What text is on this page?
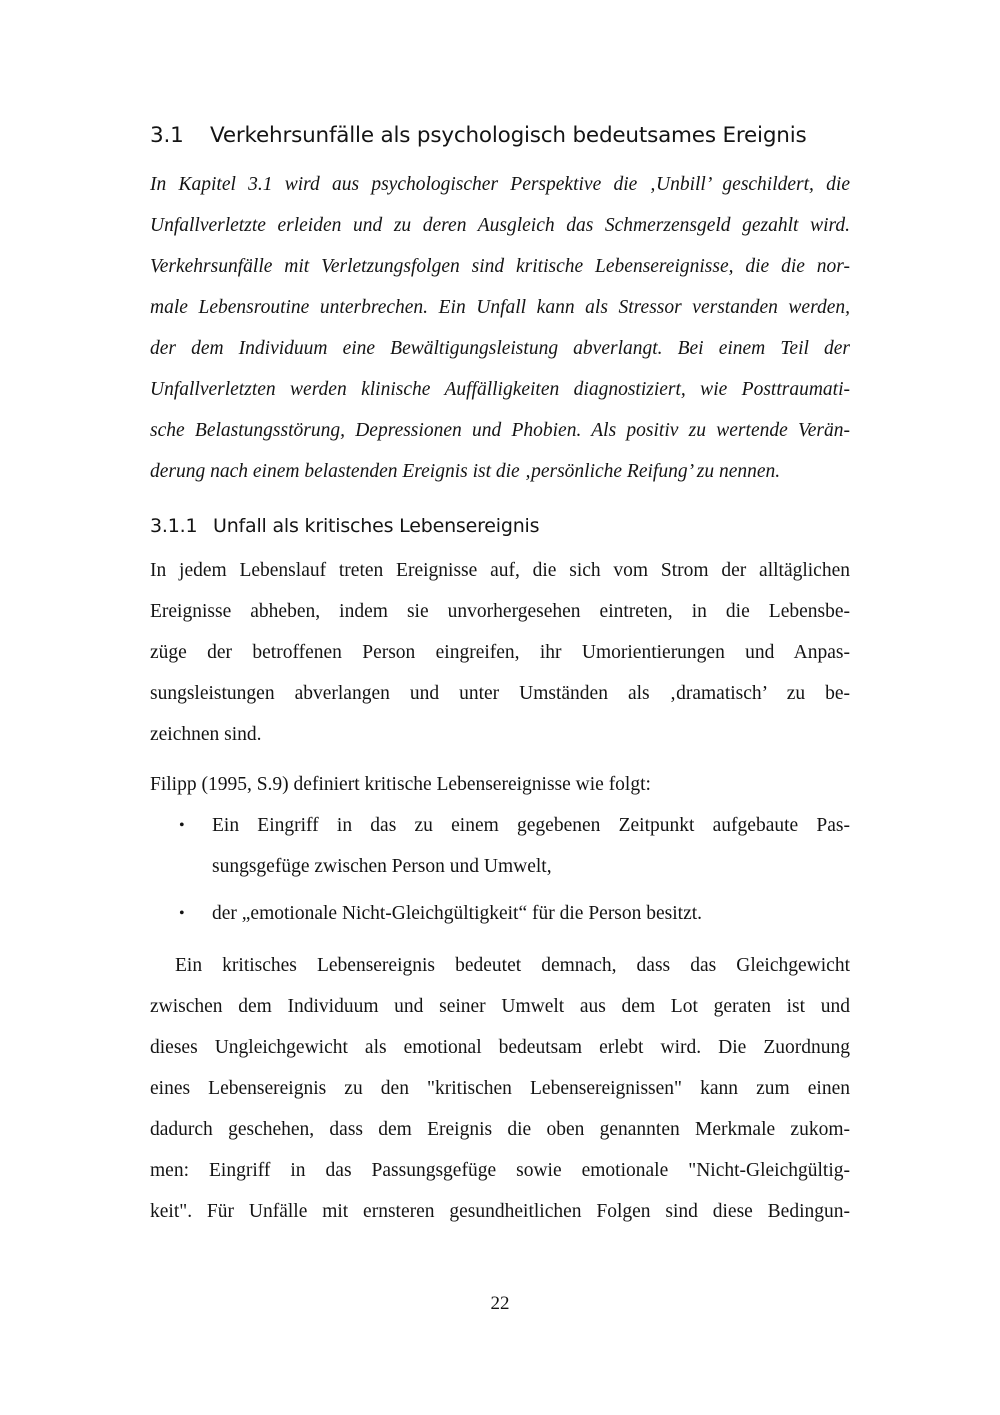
3.1 Verkehrsunfälle als psychologisch bedeutsames Ereignis
In Kapitel 3.1 wird aus psychologischer Perspektive die ‚Unbill’ geschildert, die
Unfallverletzte erleiden und zu deren Ausgleich das Schmerzensgeld gezahlt wird.
Verkehrsunfälle mit Verletzungsfolgen sind kritische Lebensereignisse, die die nor-
male Lebensroutine unterbrechen. Ein Unfall kann als Stressor verstanden werden,
der dem Individuum eine Bewältigungsleistung abverlangt. Bei einem Teil der
Unfallverletzten werden klinische Auffälligkeiten diagnostiziert, wie Posttraumati-
sche Belastungsstörung, Depressionen und Phobien. Als positiv zu wertende Verän-
derung nach einem belastenden Ereignis ist die ‚persönliche Reifung’ zu nennen.
3.1.1 Unfall als kritisches Lebensereignis
In jedem Lebenslauf treten Ereignisse auf, die sich vom Strom der alltäglichen
Ereignisse abheben, indem sie unvorhergesehen eintreten, in die Lebensbe-
züge der betroffenen Person eingreifen, ihr Umorientierungen und Anpas-
sungsleistungen abverlangen und unter Umständen als ‚dramatisch’ zu be-
zeichnen sind.
Filipp (1995, S.9) definiert kritische Lebensereignisse wie folgt:
• Ein Eingriff in das zu einem gegebenen Zeitpunkt aufgebaute Pas-
sungsgefüge zwischen Person und Umwelt,
• der „emotionale Nicht-Gleichgültigkeit“ für die Person besitzt.
Ein kritisches Lebensereignis bedeutet demnach, dass das Gleichgewicht
zwischen dem Individuum und seiner Umwelt aus dem Lot geraten ist und
dieses Ungleichgewicht als emotional bedeutsam erlebt wird. Die Zuordnung
eines Lebensereignis zu den "kritischen Lebensereignissen" kann zum einen
dadurch geschehen, dass dem Ereignis die oben genannten Merkmale zukom-
men: Eingriff in das Passungsgefüge sowie emotionale "Nicht-Gleichgültig-
keit". Für Unfälle mit ernsteren gesundheitlichen Folgen sind diese Bedingun-
22
